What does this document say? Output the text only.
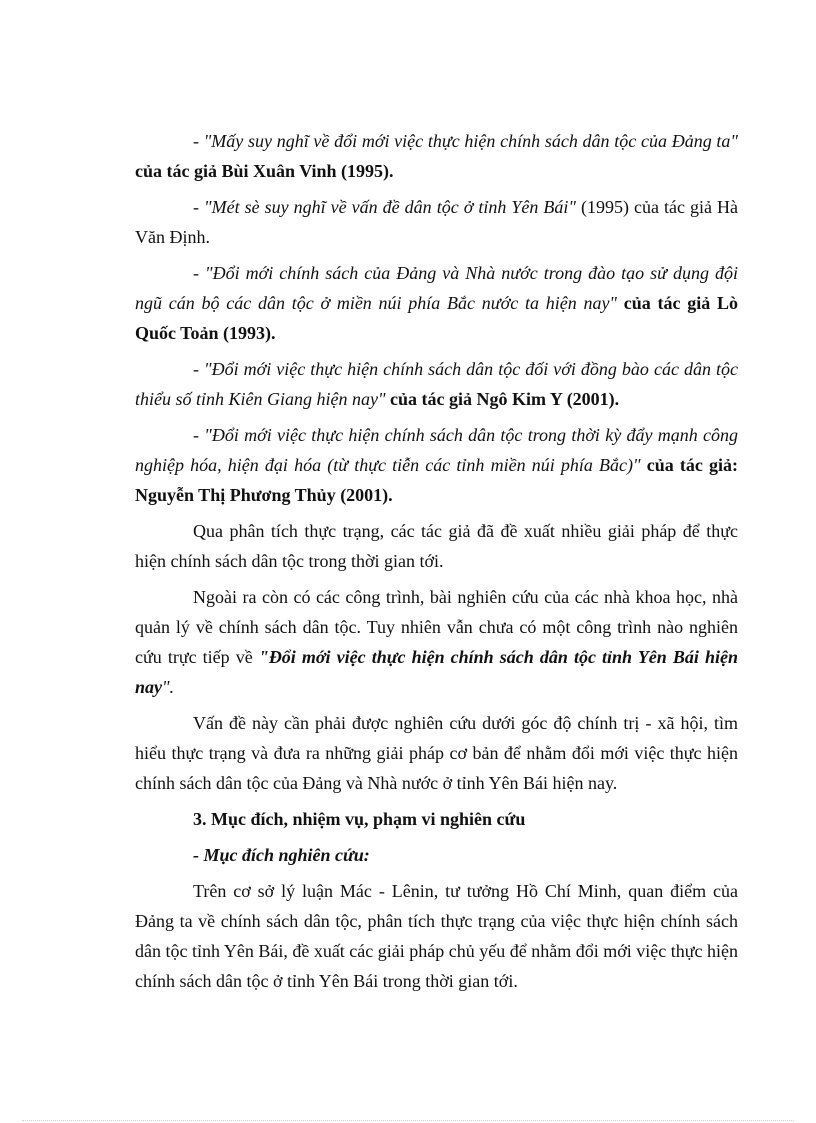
- "Mấy suy nghĩ về đổi mới việc thực hiện chính sách dân tộc của Đảng ta" của tác giả Bùi Xuân Vinh (1995).

- "Mét sè suy nghĩ về vấn đề dân tộc ở tỉnh Yên Bái" (1995) của tác giả Hà Văn Định.

- "Đổi mới chính sách của Đảng và Nhà nước trong đào tạo sử dụng đội ngũ cán bộ các dân tộc ở miền núi phía Bắc nước ta hiện nay" của tác giả Lò Quốc Toản (1993).

- "Đổi mới việc thực hiện chính sách dân tộc đối với đồng bào các dân tộc thiểu số tỉnh Kiên Giang hiện nay" của tác giả Ngô Kim Y (2001).

- "Đổi mới việc thực hiện chính sách dân tộc trong thời kỳ đẩy mạnh công nghiệp hóa, hiện đại hóa (từ thực tiễn các tỉnh miền núi phía Bắc)" của tác giả: Nguyễn Thị Phương Thủy (2001).

Qua phân tích thực trạng, các tác giả đã đề xuất nhiều giải pháp để thực hiện chính sách dân tộc trong thời gian tới.

Ngoài ra còn có các công trình, bài nghiên cứu của các nhà khoa học, nhà quản lý về chính sách dân tộc. Tuy nhiên vẫn chưa có một công trình nào nghiên cứu trực tiếp về "Đổi mới việc thực hiện chính sách dân tộc tỉnh Yên Bái hiện nay".

Vấn đề này cần phải được nghiên cứu dưới góc độ chính trị - xã hội, tìm hiểu thực trạng và đưa ra những giải pháp cơ bản để nhằm đổi mới việc thực hiện chính sách dân tộc của Đảng và Nhà nước ở tỉnh Yên Bái hiện nay.

3. Mục đích, nhiệm vụ, phạm vi nghiên cứu

- Mục đích nghiên cứu:

Trên cơ sở lý luận Mác - Lênin, tư tưởng Hồ Chí Minh, quan điểm của Đảng ta về chính sách dân tộc, phân tích thực trạng của việc thực hiện chính sách dân tộc tỉnh Yên Bái, đề xuất các giải pháp chủ yếu để nhằm đổi mới việc thực hiện chính sách dân tộc ở tỉnh Yên Bái trong thời gian tới.
